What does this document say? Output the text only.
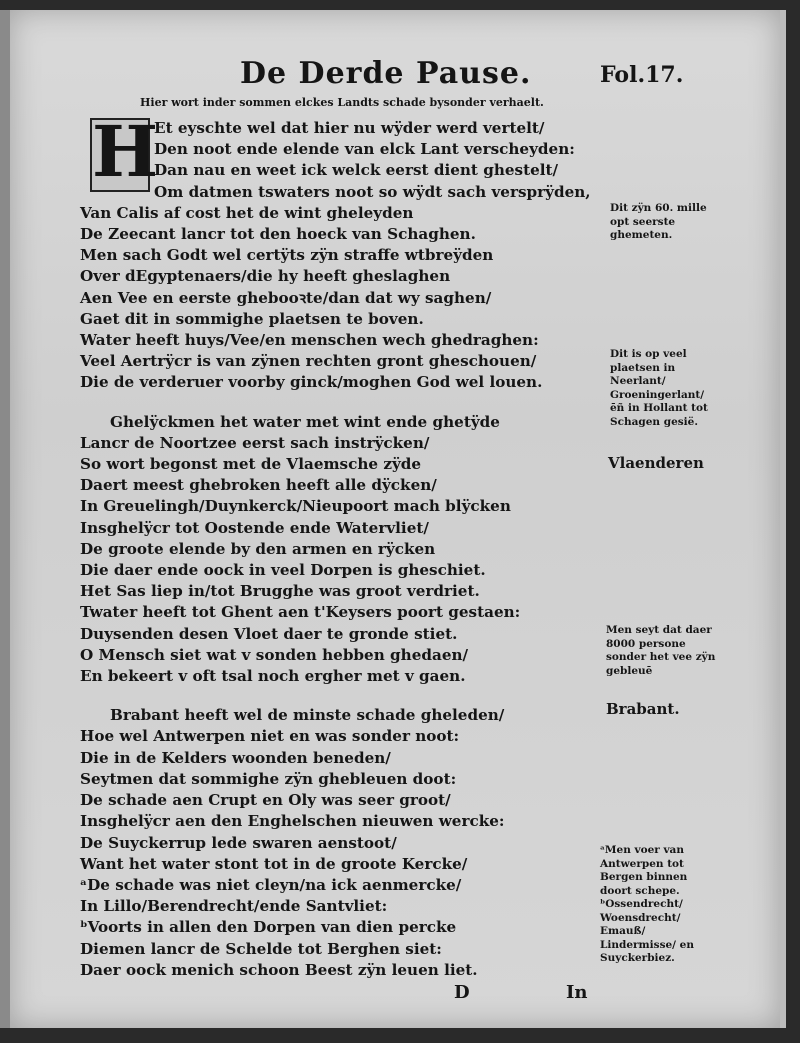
De Derde Pause.	Fol.17.
Hier wort inder sommen elckes Landts schade bysonder verhaelt.
H
Et eyschte wel dat hier nu wÿder werd vertelt/
Den noot ende elende van elck Lant verscheyden:
Dan nau en weet ick welck eerst dient ghestelt/
Om datmen tswaters noot so wÿdt sach versprÿden,
Van Calis af cost het de wint gheleyden
De Zeecant lancr tot den hoeck van Schaghen.
Men sach Godt wel certÿts zÿn straffe wtbreÿden
Over dEgyptenaers/die hy heeft gheslaghen
Aen Vee en eerste ghebooꝛte/dan dat wy saghen/
Gaet dit in sommighe plaetsen te boven.
Water heeft huys/Vee/en menschen wech ghedraghen:
Veel Aertrÿcr is van zÿnen rechten gront gheschouen/
Die de verderuer voorby ginck/moghen God wel louen.
Ghelÿckmen het water met wint ende ghetÿde
Lancr de Noortzee eerst sach instrÿcken/
So wort begonst met de Vlaemsche zÿde
Daert meest ghebroken heeft alle dÿcken/
In Greuelingh/Duynkerck/Nieupoort mach blÿcken
Insghelÿcr tot Oostende ende Watervliet/
De groote elende by den armen en rÿcken
Die daer ende oock in veel Dorpen is gheschiet.
Het Sas liep in/tot Brugghe was groot verdriet.
Twater heeft tot Ghent aen t'Keysers poort gestaen:
Duysenden desen Vloet daer te gronde stiet.
O Mensch siet wat v sonden hebben ghedaen/
En bekeert v oft tsal noch ergher met v gaen.
Brabant heeft wel de minste schade gheleden/
Hoe wel Antwerpen niet en was sonder noot:
Die in de Kelders woonden beneden/
Seytmen dat sommighe zÿn ghebleuen doot:
De schade aen Crupt en Oly was seer groot/
Insghelÿcr aen den Enghelschen nieuwen wercke:
De Suyckerrup lede swaren aenstoot/
Want het water stont tot in de groote Kercke/
ᵃDe schade was niet cleyn/na ick aenmercke/
In Lillo/Berendrecht/ende Santvliet:
ᵇVoorts in allen den Dorpen van dien percke
Diemen lancr de Schelde tot Berghen siet:
Daer oock menich schoon Beest zÿn leuen liet.
Dit zÿn 60. mille opt seerste ghemeten.
Dit is op veel plaetsen in Neerlant/ Groeningerlant/ ēñ in Hollant tot Schagen gesië.
Vlaenderen
Men seyt dat daer 8000 persone sonder het vee zÿn gebleuē
Brabant.
ᵃMen voer van Antwerpen tot Bergen binnen doort schepe. ᵇOssendrecht/ Woensdrecht/ Emauß/ Lindermisse/ en Suyckerbiez.
D	In
